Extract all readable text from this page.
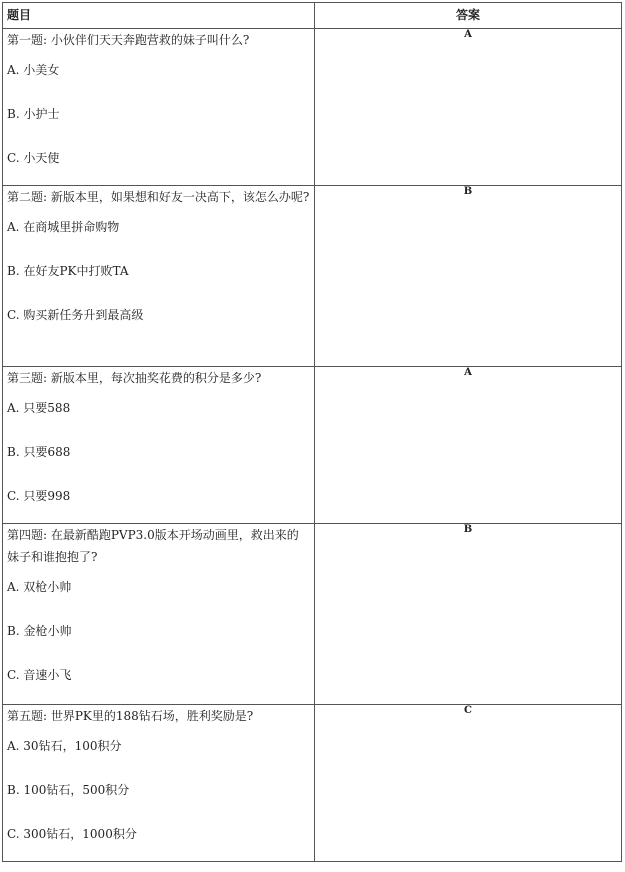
题目	答案

第一题: 小伙伴们天天奔跑营救的妹子叫什么?
A. 小美女
B. 小护士
C. 小天使	A

第二题: 新版本里，如果想和好友一决高下，该怎么办呢?
A. 在商城里拼命购物
B. 在好友PK中打败TA
C. 购买新任务升到最高级	B

第三题: 新版本里，每次抽奖花费的积分是多少?
A. 只要588
B. 只要688
C. 只要998	A

第四题: 在最新酷跑PVP3.0版本开场动画里，救出来的妹子和谁抱抱了?
A. 双枪小帅
B. 金枪小帅
C. 音速小飞	B

第五题: 世界PK里的188钻石场，胜利奖励是?
A. 30钻石，100积分
B. 100钻石，500积分
C. 300钻石，1000积分	C
